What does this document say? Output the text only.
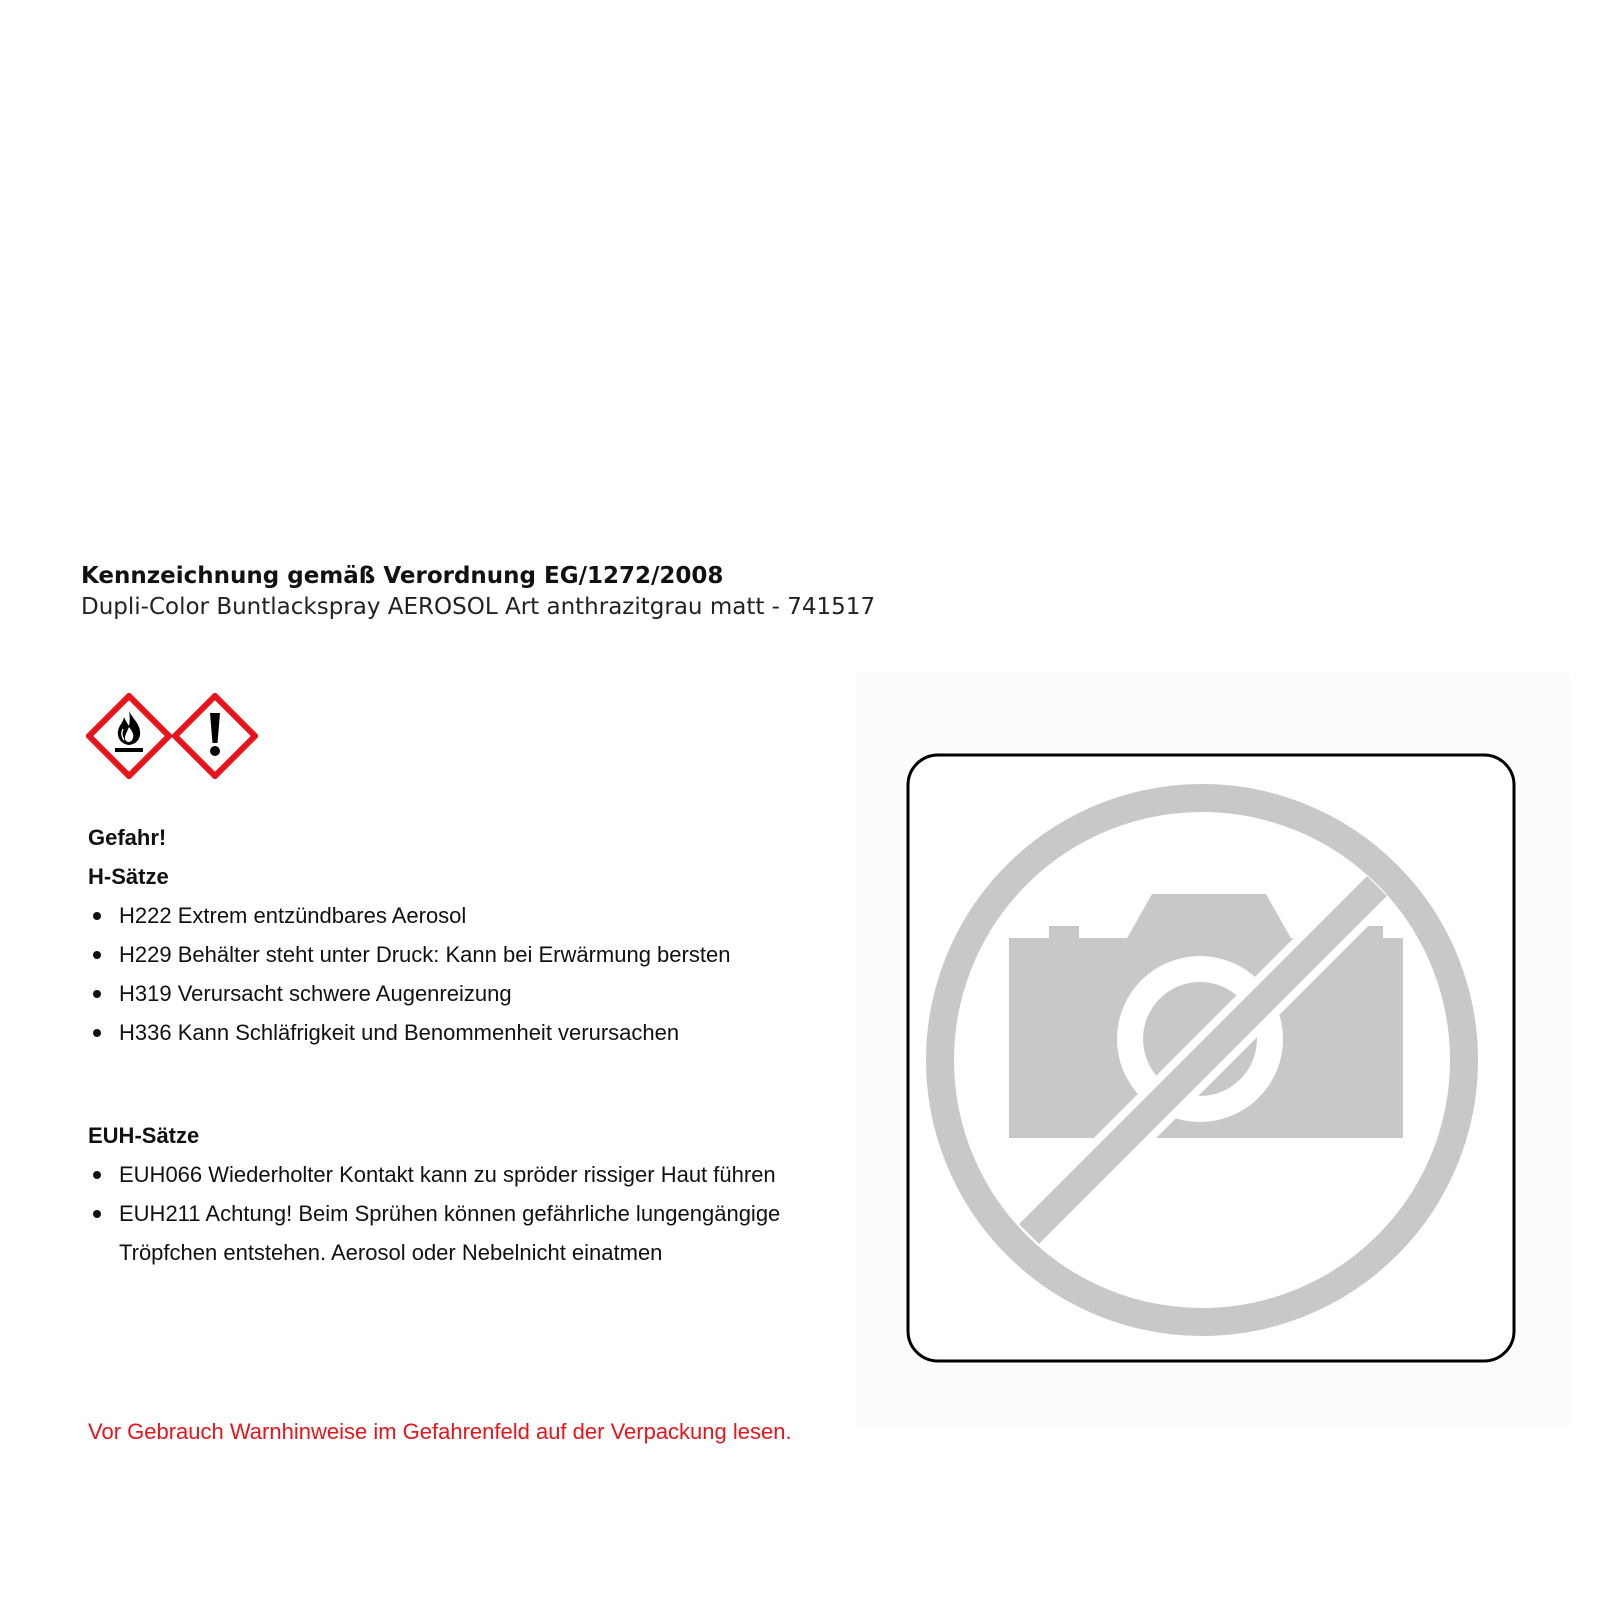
Kennzeichnung gemäß Verordnung EG/1272/2008
Dupli-Color Buntlackspray AEROSOL Art anthrazitgrau matt - 741517

Gefahr!

H-Sätze

H222 Extrem entzündbares Aerosol
H229 Behälter steht unter Druck: Kann bei Erwärmung bersten
H319 Verursacht schwere Augenreizung
H336 Kann Schläfrigkeit und Benommenheit verursachen

EUH-Sätze

EUH066 Wiederholter Kontakt kann zu spröder rissiger Haut führen
EUH211 Achtung! Beim Sprühen können gefährliche lungengängige Tröpfchen entstehen. Aerosol oder Nebelnicht einatmen
Vor Gebrauch Warnhinweise im Gefahrenfeld auf der Verpackung lesen.
